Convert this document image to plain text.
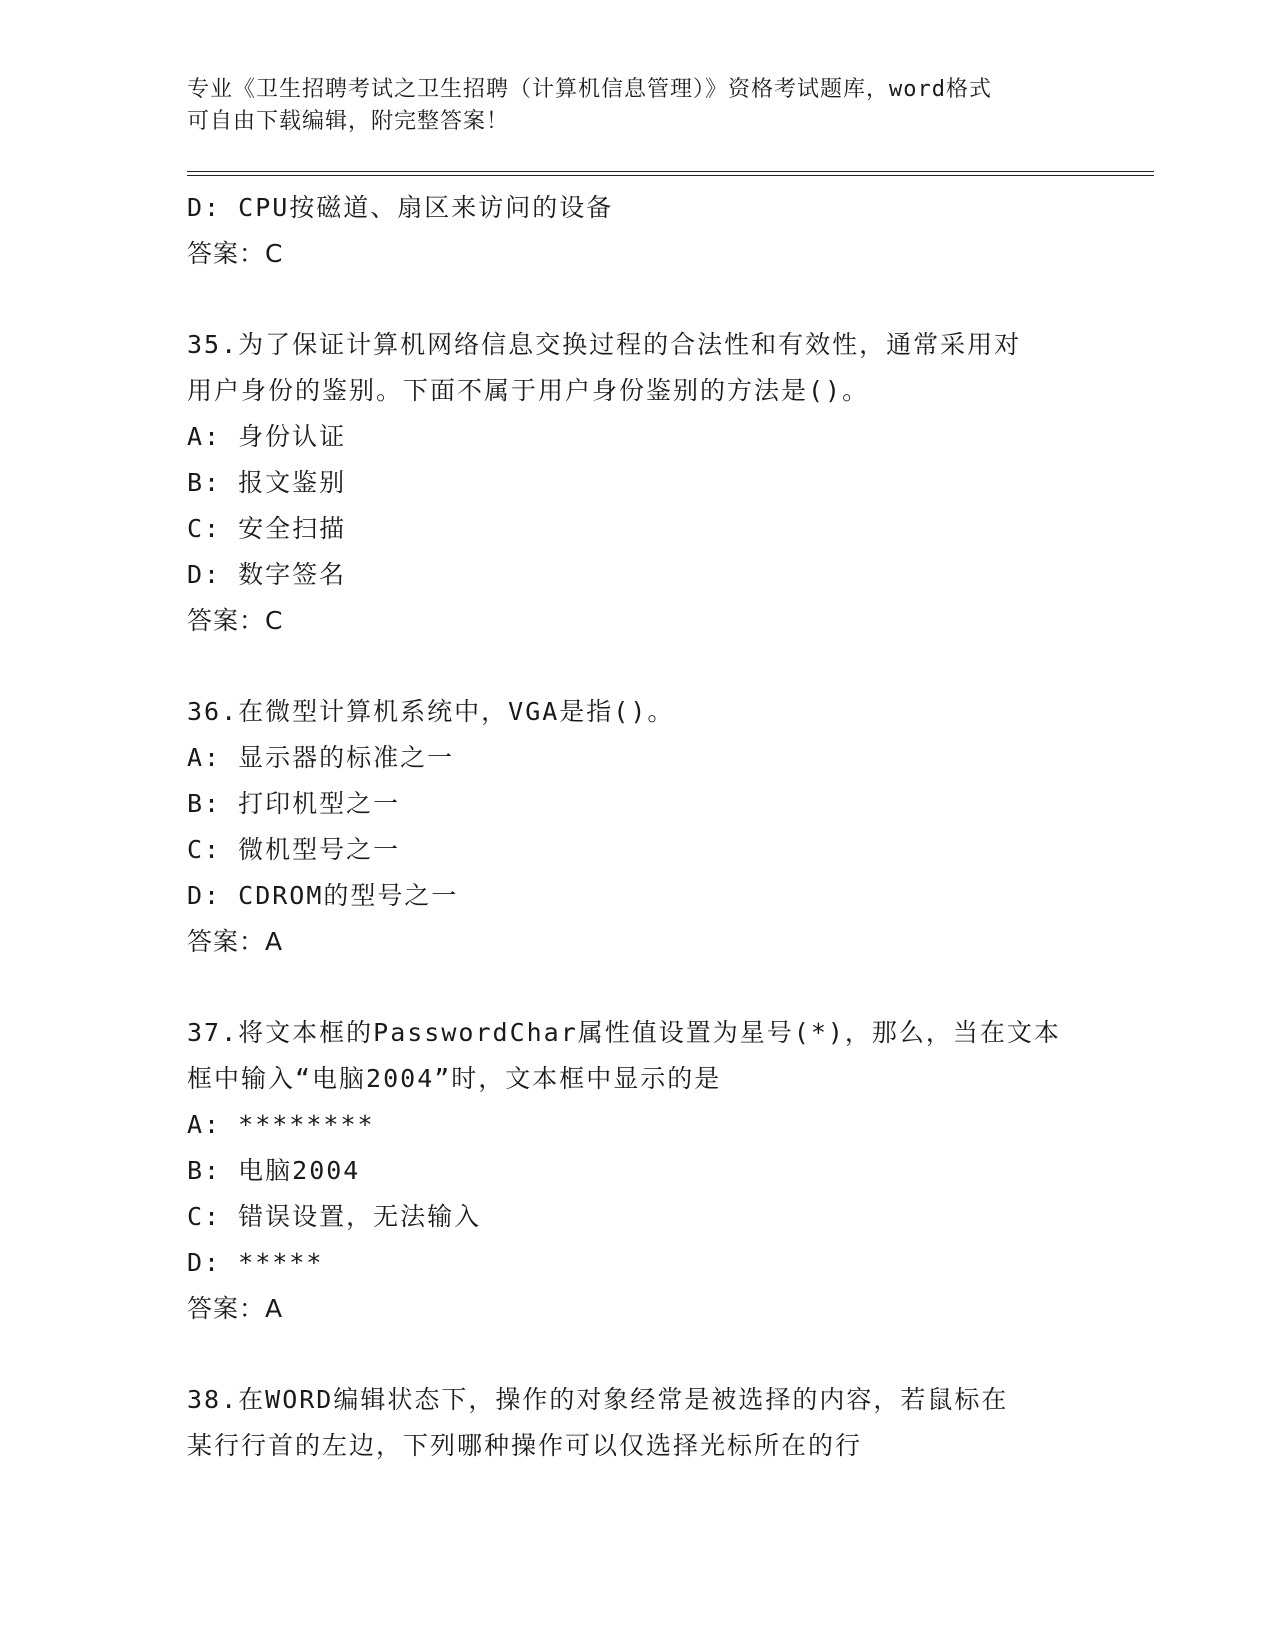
专业《卫生招聘考试之卫生招聘（计算机信息管理）》资格考试题库，word格式
可自由下载编辑，附完整答案！
D: CPU按磁道、扇区来访问的设备
答案：C
35.为了保证计算机网络信息交换过程的合法性和有效性，通常采用对
用户身份的鉴别。下面不属于用户身份鉴别的方法是()。
A: 身份认证
B: 报文鉴别
C: 安全扫描
D: 数字签名
答案：C
36.在微型计算机系统中，VGA是指()。
A: 显示器的标准之一
B: 打印机型之一
C: 微机型号之一
D: CDROM的型号之一
答案：A
37.将文本框的PasswordChar属性值设置为星号(*)，那么，当在文本
框中输入“电脑2004”时，文本框中显示的是
A: ********
B: 电脑2004
C: 错误设置，无法输入
D: *****
答案：A
38.在WORD编辑状态下，操作的对象经常是被选择的内容，若鼠标在
某行行首的左边，下列哪种操作可以仅选择光标所在的行
